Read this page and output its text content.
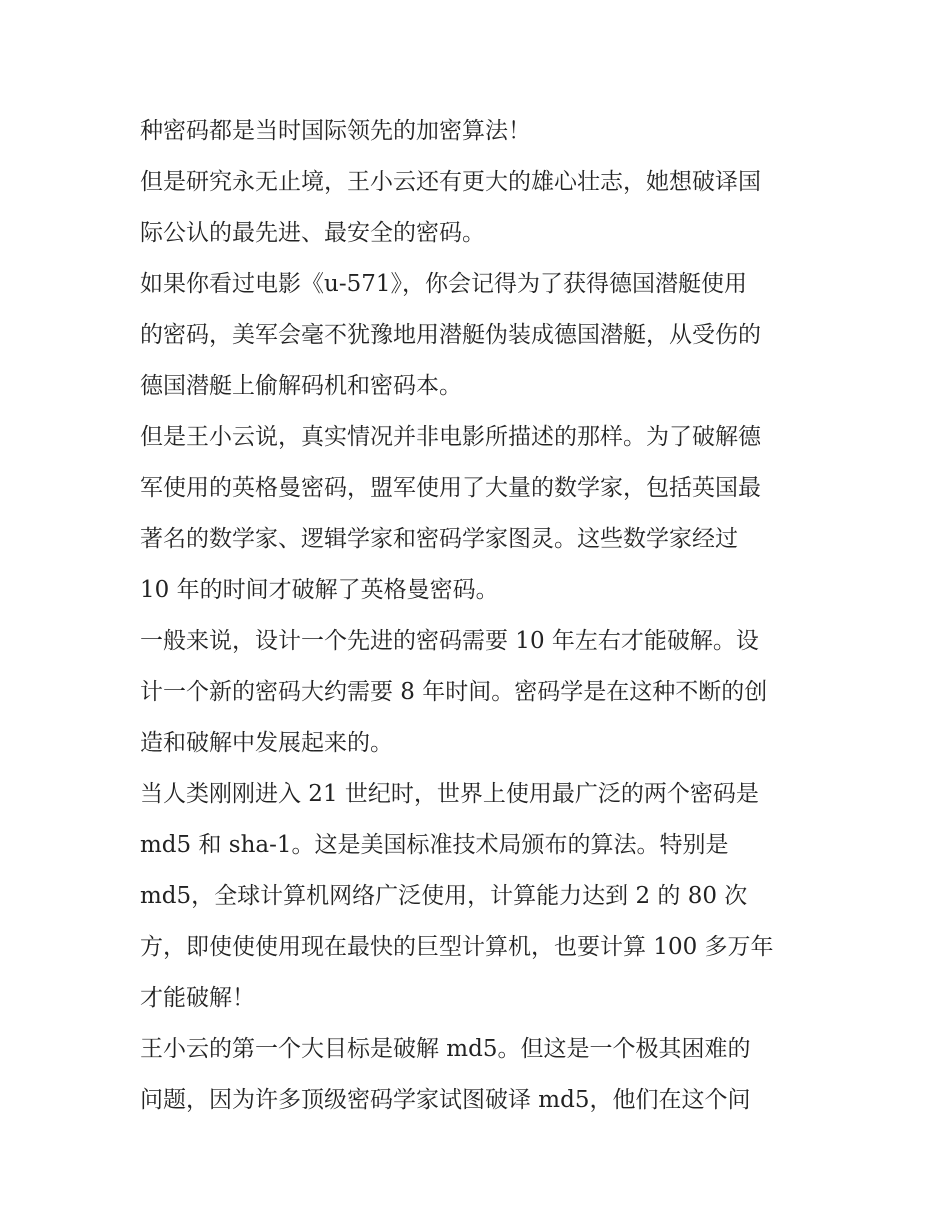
种密码都是当时国际领先的加密算法！
但是研究永无止境，王小云还有更大的雄心壮志，她想破译国
际公认的最先进、最安全的密码。
如果你看过电影《u-571》，你会记得为了获得德国潜艇使用
的密码，美军会毫不犹豫地用潜艇伪装成德国潜艇，从受伤的
德国潜艇上偷解码机和密码本。
但是王小云说，真实情况并非电影所描述的那样。为了破解德
军使用的英格曼密码，盟军使用了大量的数学家，包括英国最
著名的数学家、逻辑学家和密码学家图灵。这些数学家经过
10 年的时间才破解了英格曼密码。
一般来说，设计一个先进的密码需要 10 年左右才能破解。设
计一个新的密码大约需要 8 年时间。密码学是在这种不断的创
造和破解中发展起来的。
当人类刚刚进入 21 世纪时，世界上使用最广泛的两个密码是
md5 和 sha-1。这是美国标准技术局颁布的算法。特别是
md5，全球计算机网络广泛使用，计算能力达到 2 的 80 次
方，即使使使用现在最快的巨型计算机，也要计算 100 多万年
才能破解！
王小云的第一个大目标是破解 md5。但这是一个极其困难的
问题，因为许多顶级密码学家试图破译 md5，他们在这个问
